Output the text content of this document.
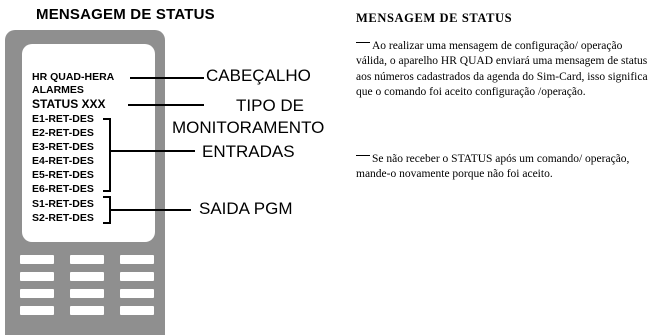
MENSAGEM DE STATUS
HR QUAD-HERA
ALARMES
STATUS XXX
E1-RET-DES
E2-RET-DES
E3-RET-DES
E4-RET-DES
E5-RET-DES
E6-RET-DES
S1-RET-DES
S2-RET-DES
CABEÇALHO
TIPO DE
MONITORAMENTO
ENTRADAS
SAIDA PGM
MENSAGEM DE STATUS
Ao realizar uma mensagem de configuração/ operação válida, o aparelho HR QUAD enviará uma mensagem de status aos números cadastrados da agenda do Sim-Card, isso significa que o comando foi aceito configuração /operação.
Se não receber o STATUS após um comando/ operação, mande-o novamente porque não foi aceito.
